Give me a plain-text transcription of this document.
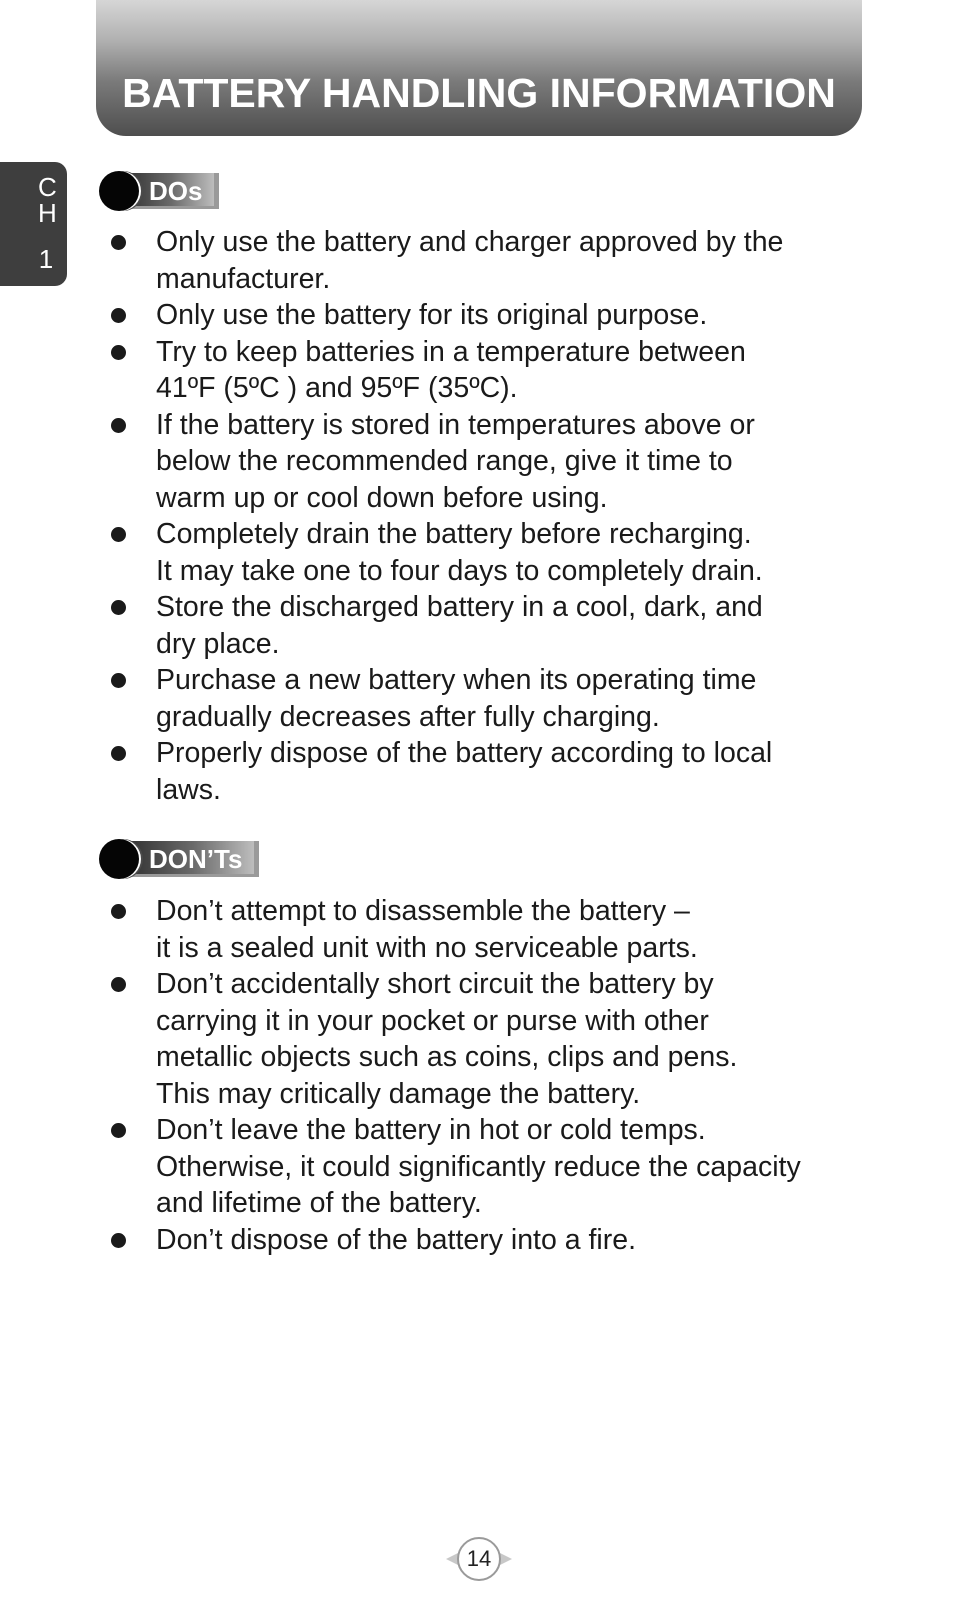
BATTERY HANDLING INFORMATION
CH
1
DOs
Only use the battery and charger approved by the
manufacturer.
Only use the battery for its original purpose.
Try to keep batteries in a temperature between
41ºF (5ºC ) and 95ºF (35ºC).
If the battery is stored in temperatures above or
below the recommended range, give it time to
warm up or cool down before using.
Completely drain the battery before recharging.
It may take one to four days to completely drain.
Store the discharged battery in a cool, dark, and
dry place.
Purchase a new battery when its operating time
gradually decreases after fully charging.
Properly dispose of the battery according to local
laws.
DON’Ts
Don’t attempt to disassemble the battery –
it is a sealed unit with no serviceable parts.
Don’t accidentally short circuit the battery by
carrying it in your pocket or purse with other
metallic objects such as coins, clips and pens.
This may critically damage the battery.
Don’t leave the battery in hot or cold temps.
Otherwise, it could significantly reduce the capacity
and lifetime of the battery.
Don’t dispose of the battery into a fire.
14
